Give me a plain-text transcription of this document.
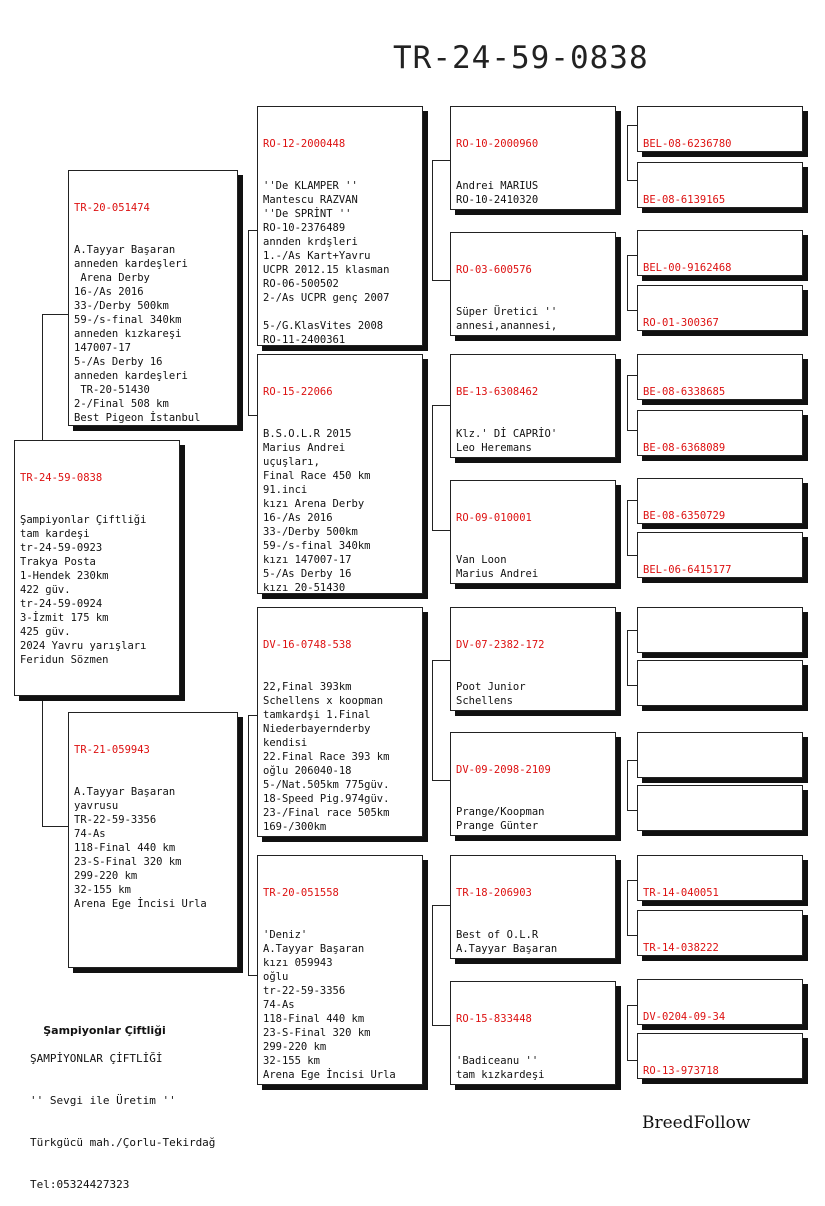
TR-24-59-0838

TR-24-59-0838

Şampiyonlar Çiftliği
tam kardeşi
tr-24-59-0923
Trakya Posta
1-Hendek 230km
422 güv.
tr-24-59-0924
3-İzmit 175 km
425 güv.
2024 Yavru yarışları
Feridun Sözmen

TR-20-051474

A.Tayyar Başaran
anneden kardeşleri
Arena Derby
16-/As 2016
33-/Derby 500km
59-/s-final 340km
anneden kızkareşi
147007-17
5-/As Derby 16
anneden kardeşleri
TR-20-51430
2-/Final 508 km
Best Pigeon İstanbul

TR-21-059943

A.Tayyar Başaran
yavrusu
TR-22-59-3356
74-As
118-Final 440 km
23-S-Final 320 km
299-220 km
32-155 km
Arena Ege İncisi Urla

RO-12-2000448

''De KLAMPER ''
Mantescu RAZVAN
''De SPRİNT ''
RO-10-2376489
annden krdşleri
1.-/As Kart+Yavru
UCPR 2012.15 klasman
RO-06-500502
2-/As UCPR genç 2007

5-/G.KlasVites 2008
RO-11-2400361

RO-15-22066

B.S.O.L.R 2015
Marius Andrei
uçuşları,
Final Race 450 km
91.inci
kızı Arena Derby
16-/As 2016
33-/Derby 500km
59-/s-final 340km
kızı 147007-17
5-/As Derby 16
kızı 20-51430

DV-16-0748-538

22,Final 393km
Schellens x koopman
tamkardşi 1.Final
Niederbayernderby
kendisi
22.Final Race 393 km
oğlu 206040-18
5-/Nat.505km 775güv.
18-Speed Pig.974güv.
23-/Final race 505km
169-/300km

TR-20-051558

'Deniz'
A.Tayyar Başaran
kızı 059943
oğlu
tr-22-59-3356
74-As
118-Final 440 km
23-S-Final 320 km
299-220 km
32-155 km
Arena Ege İncisi Urla

RO-10-2000960

Andrei MARIUS
RO-10-2410320

RO-03-600576

Süper Üretici ''
annesi,anannesi,

BE-13-6308462

Klz.' Dİ CAPRİO'
Leo Heremans

RO-09-010001

Van Loon
Marius Andrei

DV-07-2382-172

Poot Junior
Schellens

DV-09-2098-2109

Prange/Koopman
Prange Günter

TR-18-206903

Best of O.L.R
A.Tayyar Başaran

RO-15-833448

'Badiceanu ''
tam kızkardeşi

BEL-08-6236780

BE-08-6139165

BEL-00-9162468

RO-01-300367

BE-08-6338685

BE-08-6368089

BE-08-6350729

BEL-06-6415177

TR-14-040051

TR-14-038222

DV-0204-09-34

RO-13-973718

Şampiyonlar Çiftliği

ŞAMPİYONLAR ÇİFTLİĞİ

'' Sevgi ile Üretim ''

Türkgücü mah./Çorlu-Tekirdağ

Tel:05324427323

BreedFollow
